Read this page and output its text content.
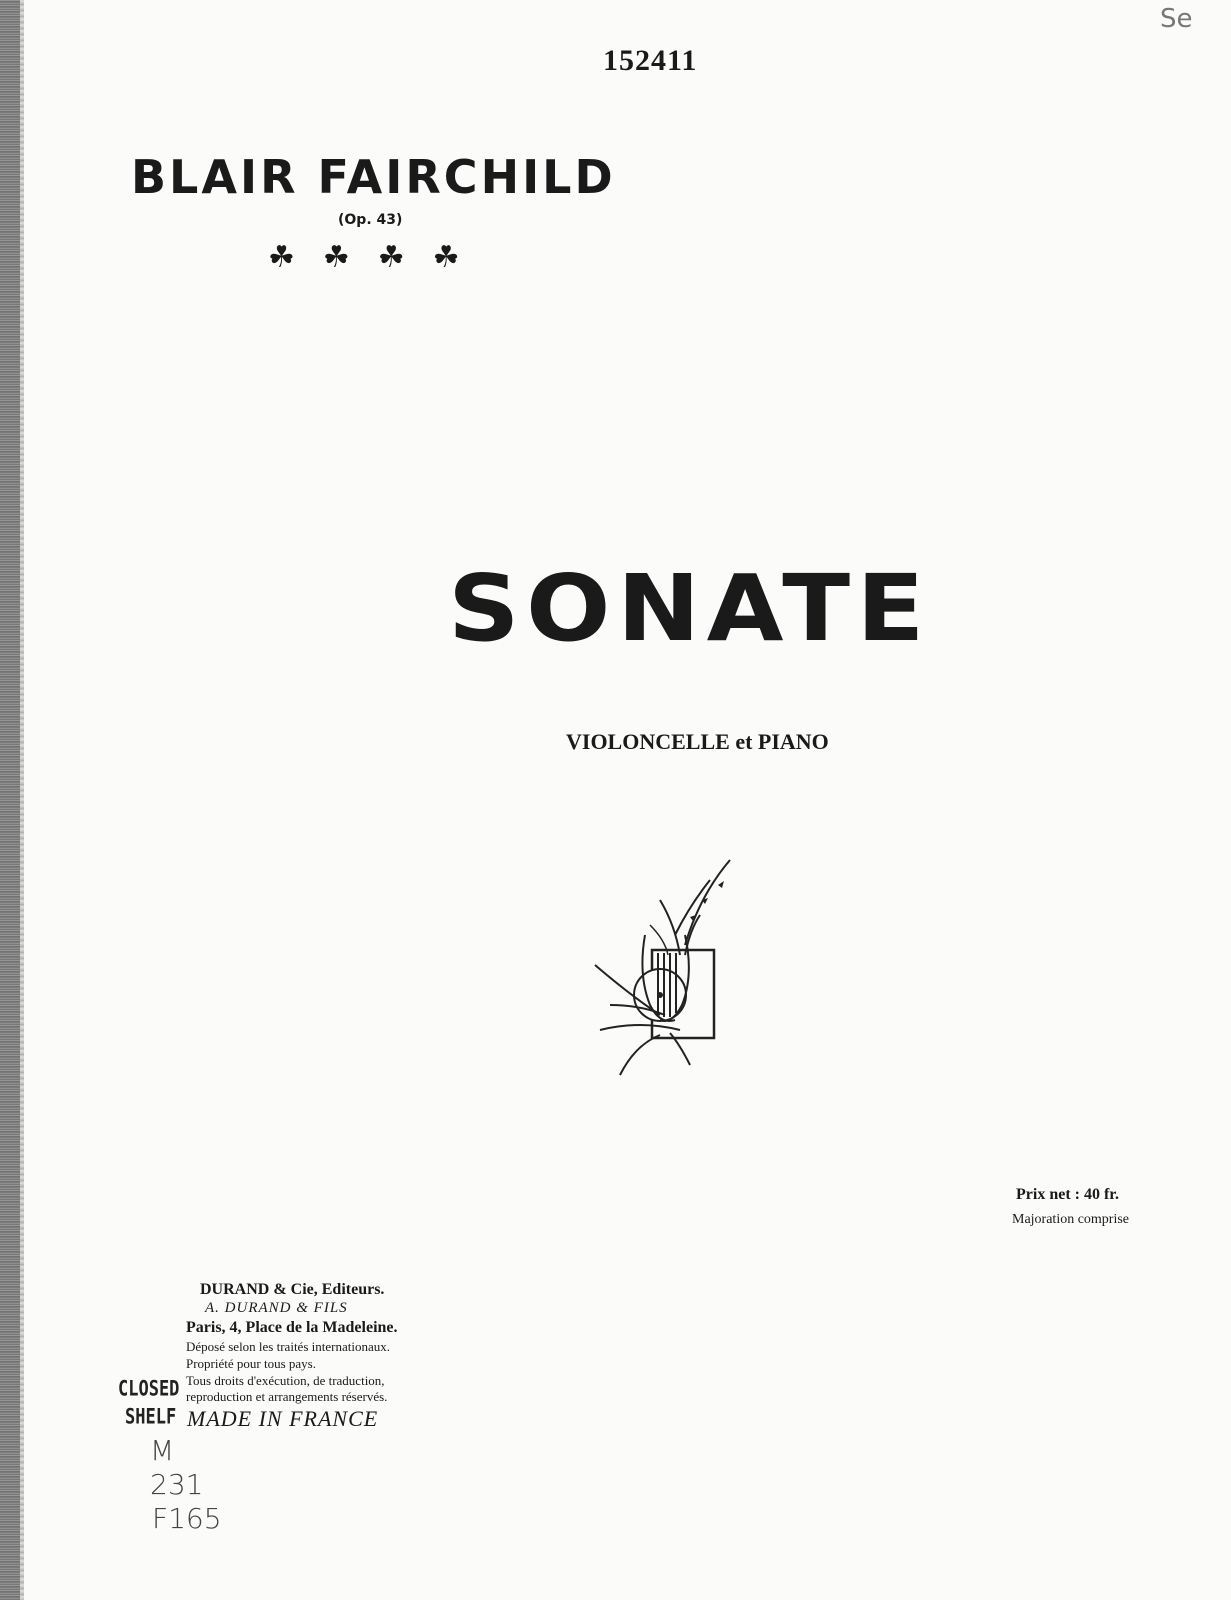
Se
152411
BLAIR FAIRCHILD
(Op. 43)
☘☘☘☘
SONATE
VIOLONCELLE et PIANO
Prix net : 40 fr.
Majoration comprise
DURAND & Cie, Editeurs.
A. DURAND & FILS
Paris, 4, Place de la Madeleine.
Déposé selon les traités internationaux.
Propriété pour tous pays.
Tous droits d'exécution, de traduction,
reproduction et arrangements réservés.
MADE IN FRANCE
CLOSED
SHELF
M
231
F165
